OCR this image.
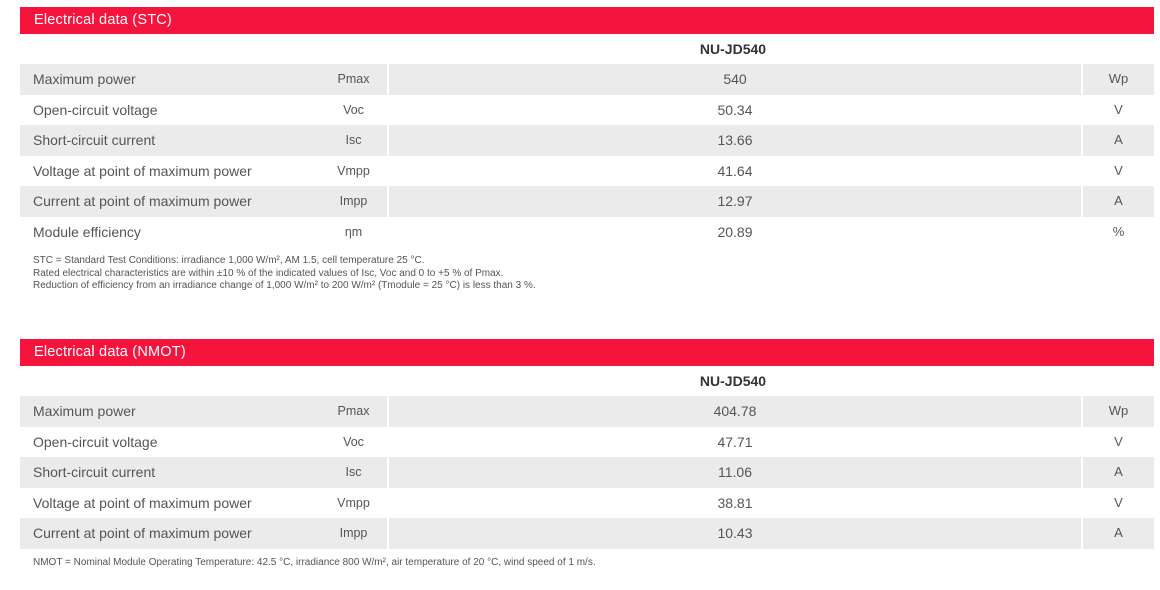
Electrical data (STC)
NU-JD540
Maximum power	Pmax	540	Wp
Open-circuit voltage	Voc	50.34	V
Short-circuit current	Isc	13.66	A
Voltage at point of maximum power	Vmpp	41.64	V
Current at point of maximum power	Impp	12.97	A
Module efficiency	ηm	20.89	%
STC = Standard Test Conditions: irradiance 1,000 W/m², AM 1.5, cell temperature 25 °C.
Rated electrical characteristics are within ±10 % of the indicated values of Isc, Voc and 0 to +5 % of Pmax.
Reduction of efficiency from an irradiance change of 1,000 W/m² to 200 W/m² (Tmodule = 25 °C) is less than 3 %.
Electrical data (NMOT)
NU-JD540
Maximum power	Pmax	404.78	Wp
Open-circuit voltage	Voc	47.71	V
Short-circuit current	Isc	11.06	A
Voltage at point of maximum power	Vmpp	38.81	V
Current at point of maximum power	Impp	10.43	A
NMOT = Nominal Module Operating Temperature: 42.5 °C, irradiance 800 W/m², air temperature of 20 °C, wind speed of 1 m/s.
